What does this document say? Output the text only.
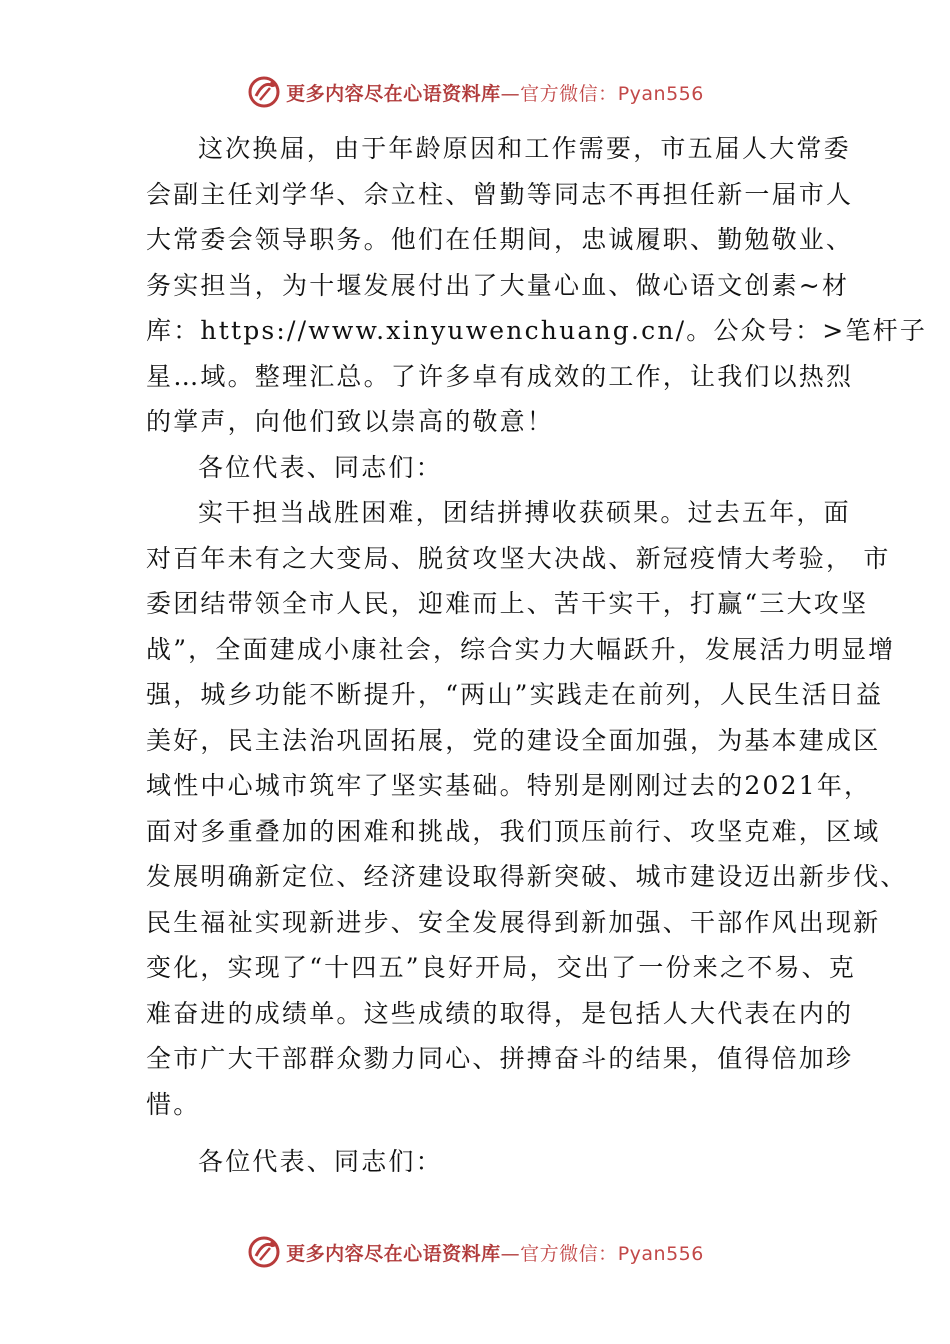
更多内容尽在心语资料库—官方微信：Pyan556
这次换届，由于年龄原因和工作需要，市五届人大常委
会副主任刘学华、佘立柱、曾勤等同志不再担任新一届市人
大常委会领导职务。他们在任期间，忠诚履职、勤勉敬业、
务实担当，为十堰发展付出了大量心血、做心语文创素~材
库：https://www.xinyuwenchuang.cn/。公众号：>笔杆子
星…域。整理汇总。了许多卓有成效的工作，让我们以热烈
的掌声，向他们致以崇高的敬意！
各位代表、同志们：
实干担当战胜困难，团结拼搏收获硕果。过去五年，面
对百年未有之大变局、脱贫攻坚大决战、新冠疫情大考验， 市
委团结带领全市人民，迎难而上、苦干实干，打赢“三大攻坚
战”，全面建成小康社会，综合实力大幅跃升，发展活力明显增
强，城乡功能不断提升，“两山”实践走在前列，人民生活日益
美好，民主法治巩固拓展，党的建设全面加强，为基本建成区
域性中心城市筑牢了坚实基础。特别是刚刚过去的2021年，
面对多重叠加的困难和挑战，我们顶压前行、攻坚克难，区域
发展明确新定位、经济建设取得新突破、城市建设迈出新步伐、
民生福祉实现新进步、安全发展得到新加强、干部作风出现新
变化，实现了“十四五”良好开局，交出了一份来之不易、克
难奋进的成绩单。这些成绩的取得，是包括人大代表在内的
全市广大干部群众勠力同心、拼搏奋斗的结果，值得倍加珍
惜。
各位代表、同志们：
更多内容尽在心语资料库—官方微信：Pyan556
